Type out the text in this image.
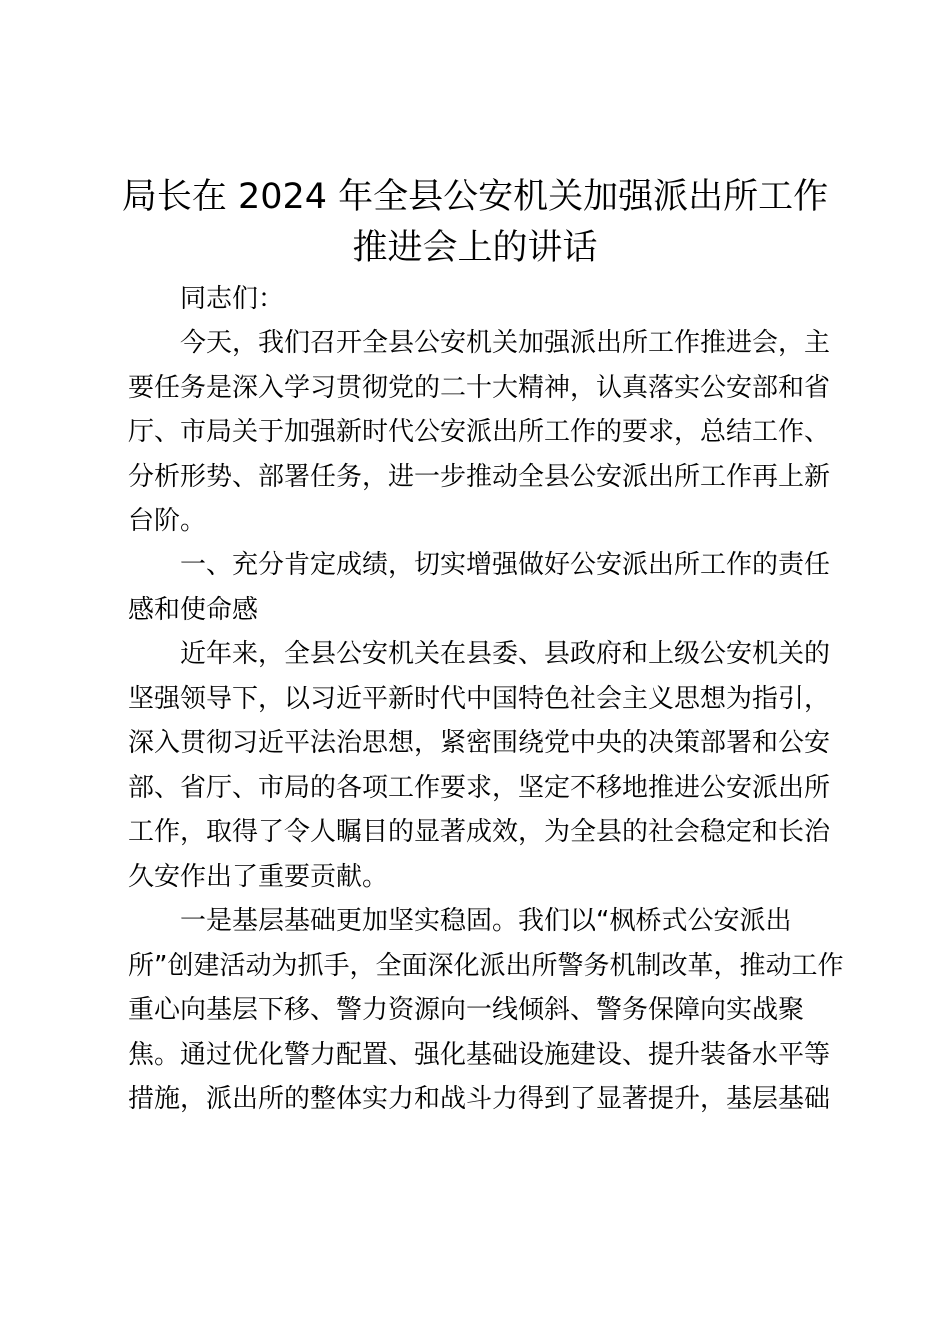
局长在 2024 年全县公安机关加强派出所工作
推进会上的讲话
同志们：
今天，我们召开全县公安机关加强派出所工作推进会，主
要任务是深入学习贯彻党的二十大精神，认真落实公安部和省
厅、市局关于加强新时代公安派出所工作的要求，总结工作、
分析形势、部署任务，进一步推动全县公安派出所工作再上新
台阶。
一、充分肯定成绩，切实增强做好公安派出所工作的责任
感和使命感
近年来，全县公安机关在县委、县政府和上级公安机关的
坚强领导下，以习近平新时代中国特色社会主义思想为指引，
深入贯彻习近平法治思想，紧密围绕党中央的决策部署和公安
部、省厅、市局的各项工作要求，坚定不移地推进公安派出所
工作，取得了令人瞩目的显著成效，为全县的社会稳定和长治
久安作出了重要贡献。
一是基层基础更加坚实稳固。我们以“枫桥式公安派出
所”创建活动为抓手，全面深化派出所警务机制改革，推动工作
重心向基层下移、警力资源向一线倾斜、警务保障向实战聚
焦。通过优化警力配置、强化基础设施建设、提升装备水平等
措施，派出所的整体实力和战斗力得到了显著提升，基层基础
